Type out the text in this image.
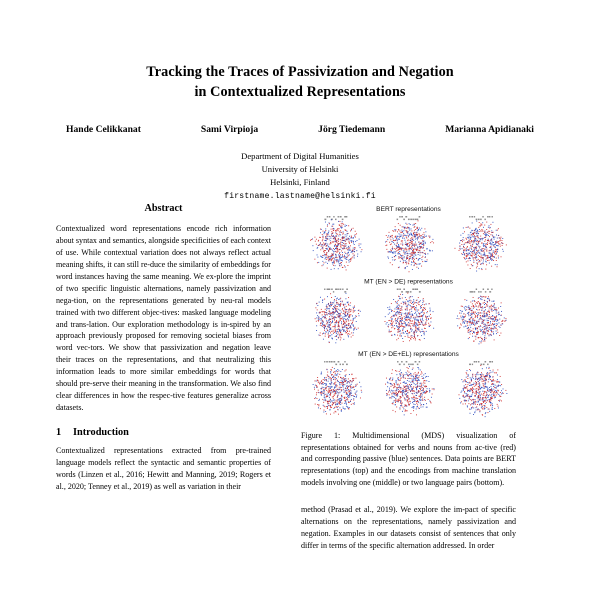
Tracking the Traces of Passivization and Negation
in Contextualized Representations
Hande Celikkanat	Sami Virpioja	Jörg Tiedemann	Marianna Apidianaki
Department of Digital Humanities
University of Helsinki
Helsinki, Finland
firstname.lastname@helsinki.fi
Abstract
Contextualized word representations encode rich information about syntax and semantics, alongside specificities of each context of use. While contextual variation does not always reflect actual meaning shifts, it can still re-duce the similarity of embeddings for word instances having the same meaning. We ex-plore the imprint of two specific linguistic alternations, namely passivization and nega-tion, on the representations generated by neu-ral models trained with two different objec-tives: masked language modeling and trans-lation. Our exploration methodology is in-spired by an approach previously proposed for removing societal biases from word vec-tors. We show that passivization and negation leave their traces on the representations, and that neutralizing this information leads to more similar embeddings for words that should pre-serve their meaning in the transformation. We also find clear differences in how the respec-tive features generalize across datasets.
1 Introduction
Contextualized representations extracted from pre-trained language models reflect the syntactic and semantic properties of words (Linzen et al., 2016; Hewitt and Manning, 2019; Rogers et al., 2020; Tenney et al., 2019) as well as variation in their
BERT representations
MT (EN > DE) representations
MT (EN > DE+EL) representations
Figure 1: Multidimensional (MDS) visualization of representations obtained for verbs and nouns from ac-tive (red) and corresponding passive (blue) sentences. Data points are BERT representations (top) and the encodings from machine translation models involving one (middle) or two language pairs (bottom).
method (Prasad et al., 2019). We explore the im-pact of specific alternations on the representations, namely passivization and negation. Examples in our datasets consist of sentences that only differ in terms of the specific alternation addressed. In order
